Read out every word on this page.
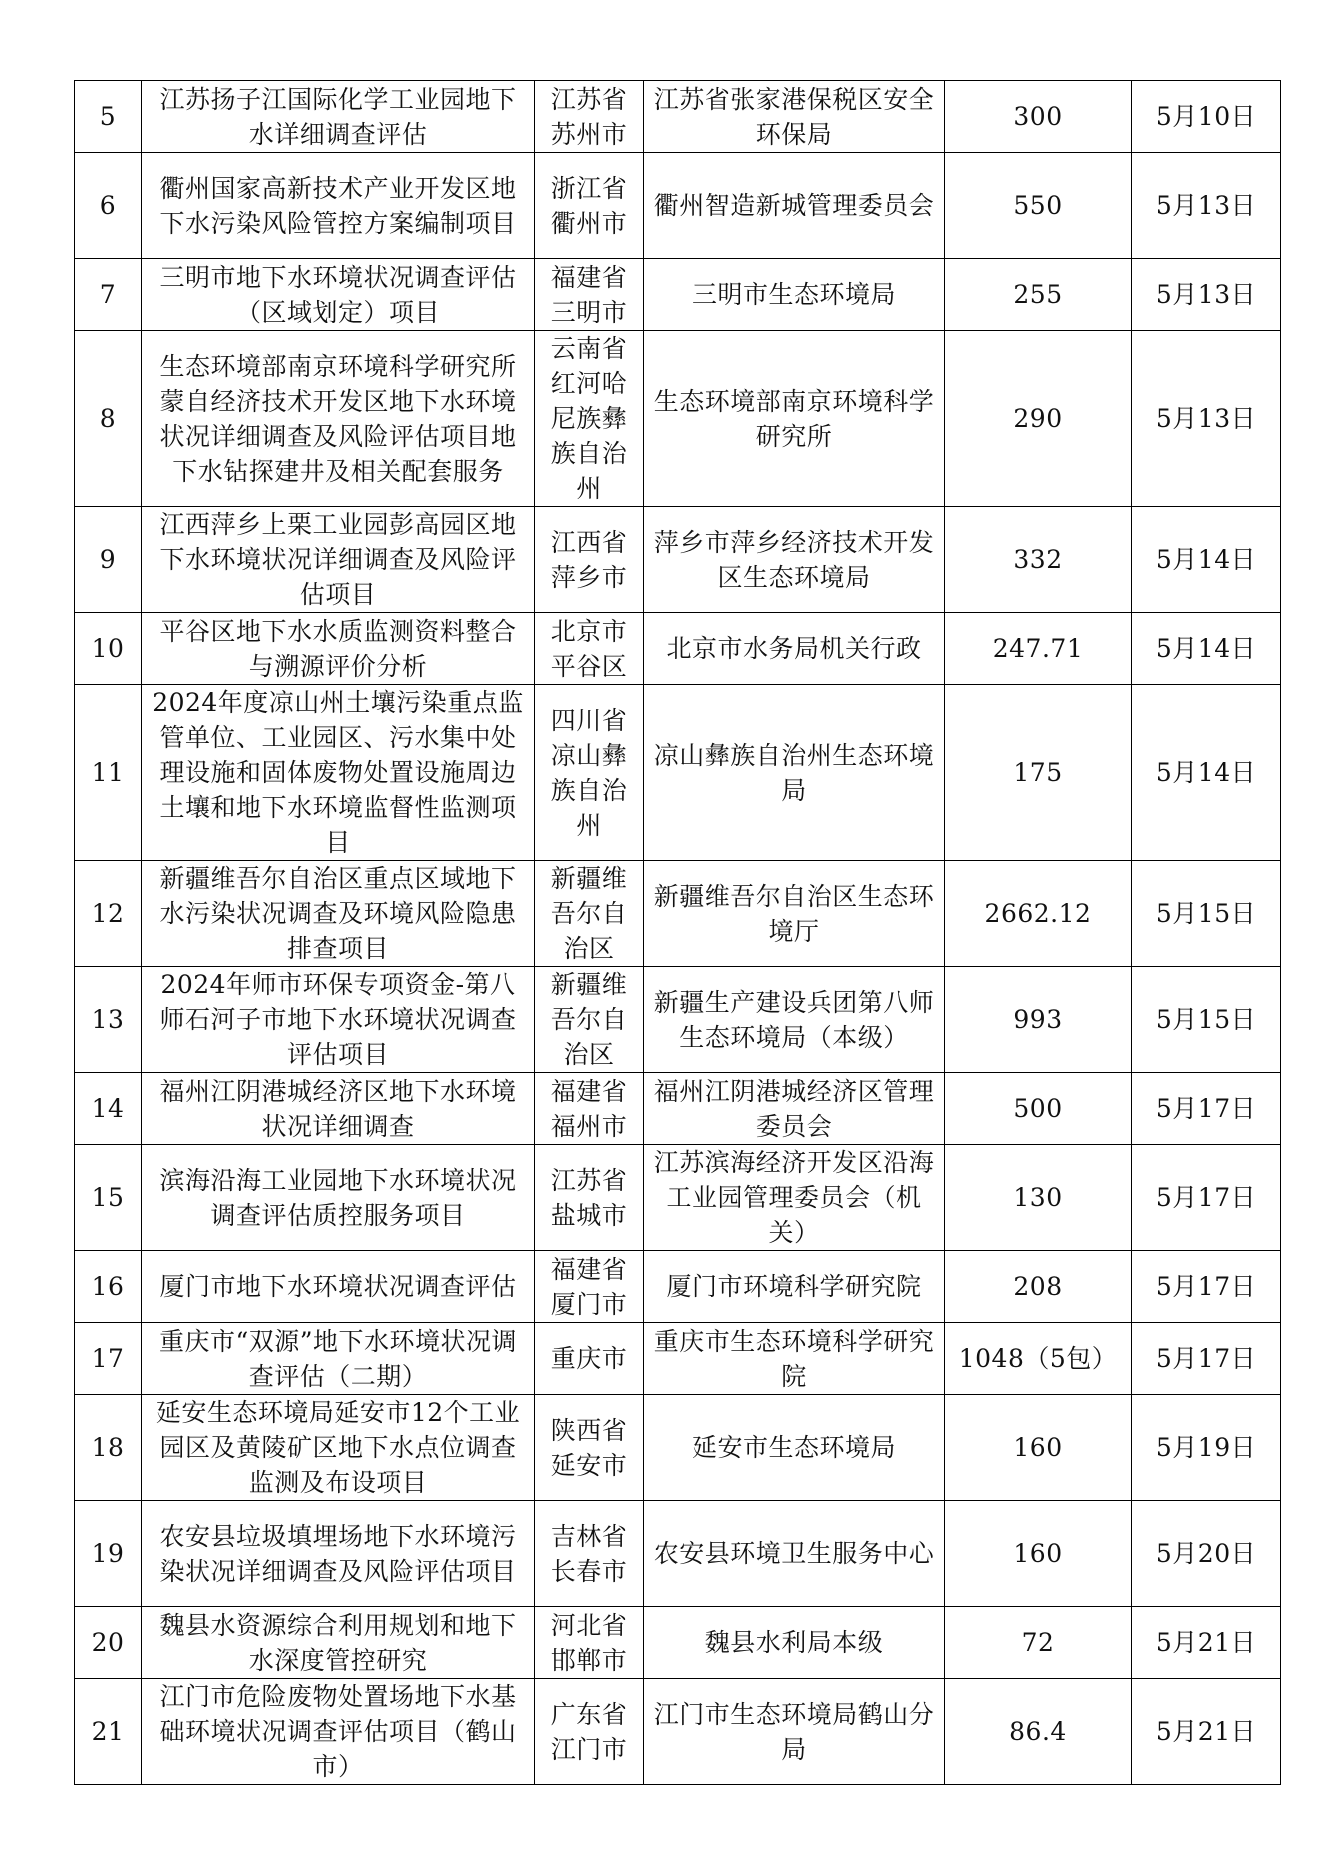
5	江苏扬子江国际化学工业园地下水详细调查评估	江苏省苏州市	江苏省张家港保税区安全环保局	300	5月10日
6	衢州国家高新技术产业开发区地下水污染风险管控方案编制项目	浙江省衢州市	衢州智造新城管理委员会	550	5月13日
7	三明市地下水环境状况调查评估（区域划定）项目	福建省三明市	三明市生态环境局	255	5月13日
8	生态环境部南京环境科学研究所蒙自经济技术开发区地下水环境状况详细调查及风险评估项目地下水钻探建井及相关配套服务	云南省红河哈尼族彝族自治州	生态环境部南京环境科学研究所	290	5月13日
9	江西萍乡上栗工业园彭高园区地下水环境状况详细调查及风险评估项目	江西省萍乡市	萍乡市萍乡经济技术开发区生态环境局	332	5月14日
10	平谷区地下水水质监测资料整合与溯源评价分析	北京市平谷区	北京市水务局机关行政	247.71	5月14日
11	2024年度凉山州土壤污染重点监管单位、工业园区、污水集中处理设施和固体废物处置设施周边土壤和地下水环境监督性监测项目	四川省凉山彝族自治州	凉山彝族自治州生态环境局	175	5月14日
12	新疆维吾尔自治区重点区域地下水污染状况调查及环境风险隐患排查项目	新疆维吾尔自治区	新疆维吾尔自治区生态环境厅	2662.12	5月15日
13	2024年师市环保专项资金-第八师石河子市地下水环境状况调查评估项目	新疆维吾尔自治区	新疆生产建设兵团第八师生态环境局（本级）	993	5月15日
14	福州江阴港城经济区地下水环境状况详细调查	福建省福州市	福州江阴港城经济区管理委员会	500	5月17日
15	滨海沿海工业园地下水环境状况调查评估质控服务项目	江苏省盐城市	江苏滨海经济开发区沿海工业园管理委员会（机关）	130	5月17日
16	厦门市地下水环境状况调查评估	福建省厦门市	厦门市环境科学研究院	208	5月17日
17	重庆市“双源”地下水环境状况调查评估（二期）	重庆市	重庆市生态环境科学研究院	1048（5包）	5月17日
18	延安生态环境局延安市12个工业园区及黄陵矿区地下水点位调查监测及布设项目	陕西省延安市	延安市生态环境局	160	5月19日
19	农安县垃圾填埋场地下水环境污染状况详细调查及风险评估项目	吉林省长春市	农安县环境卫生服务中心	160	5月20日
20	魏县水资源综合利用规划和地下水深度管控研究	河北省邯郸市	魏县水利局本级	72	5月21日
21	江门市危险废物处置场地下水基础环境状况调查评估项目（鹤山市）	广东省江门市	江门市生态环境局鹤山分局	86.4	5月21日
